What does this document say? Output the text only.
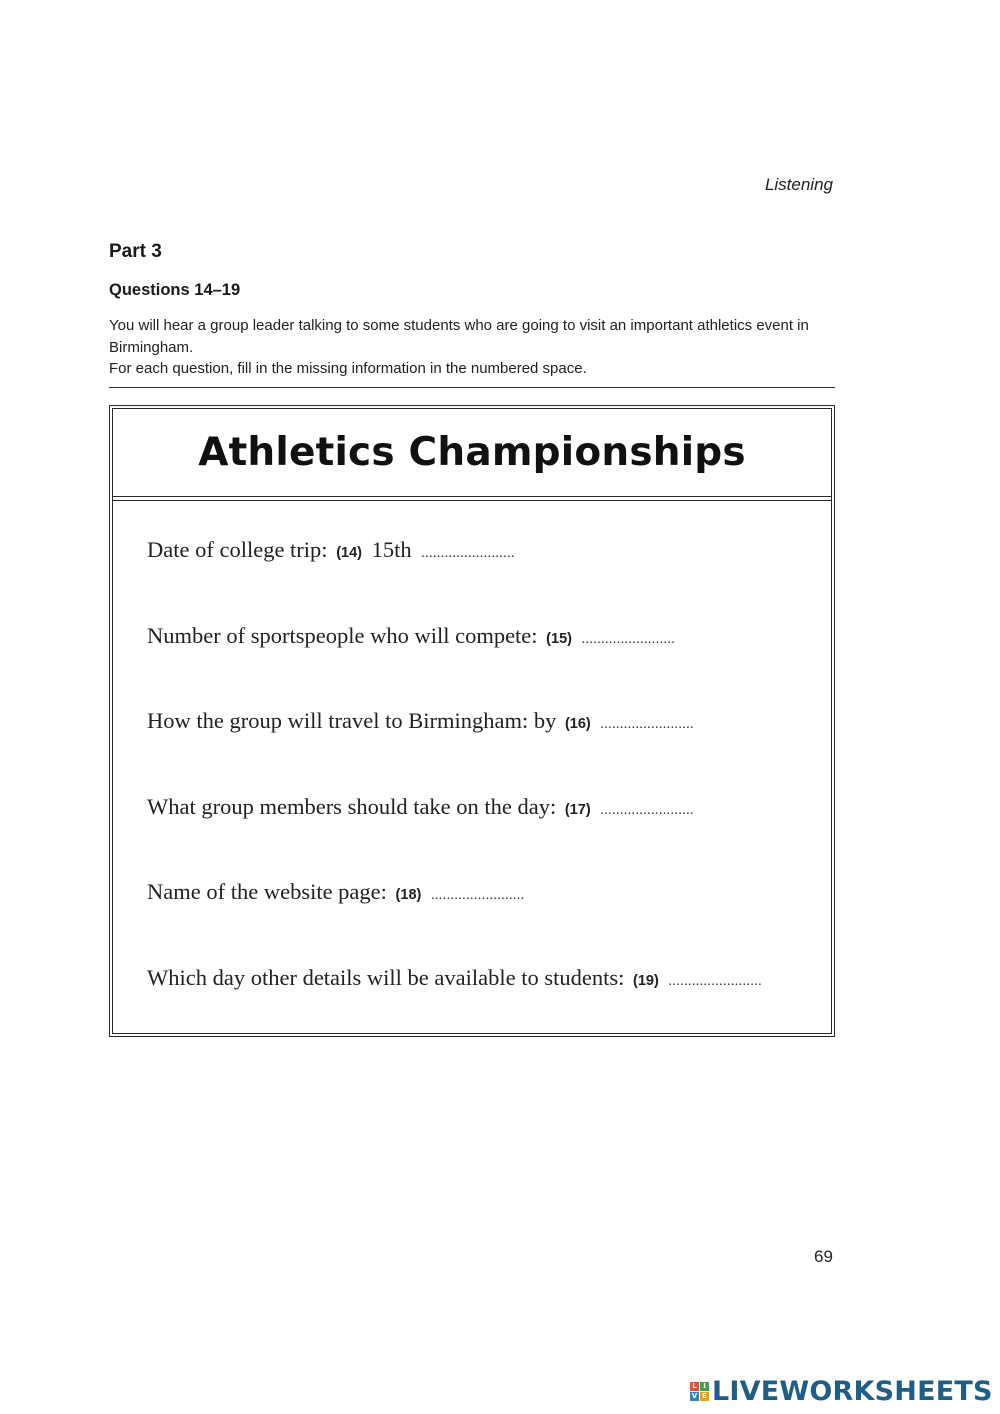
Listening
Part 3
Questions 14–19

You will hear a group leader talking to some students who are going to visit an important athletics event in Birmingham.

For each question, fill in the missing information in the numbered space.

Athletics Championships
Date of college trip: (14) 15th ........................
Number of sportspeople who will compete: (15) ........................
How the group will travel to Birmingham: by (16) ........................
What group members should take on the day: (17) ........................
Name of the website page: (18) ........................
Which day other details will be available to students: (19) ........................
69
L I
V E LIVEWORKSHEETS
